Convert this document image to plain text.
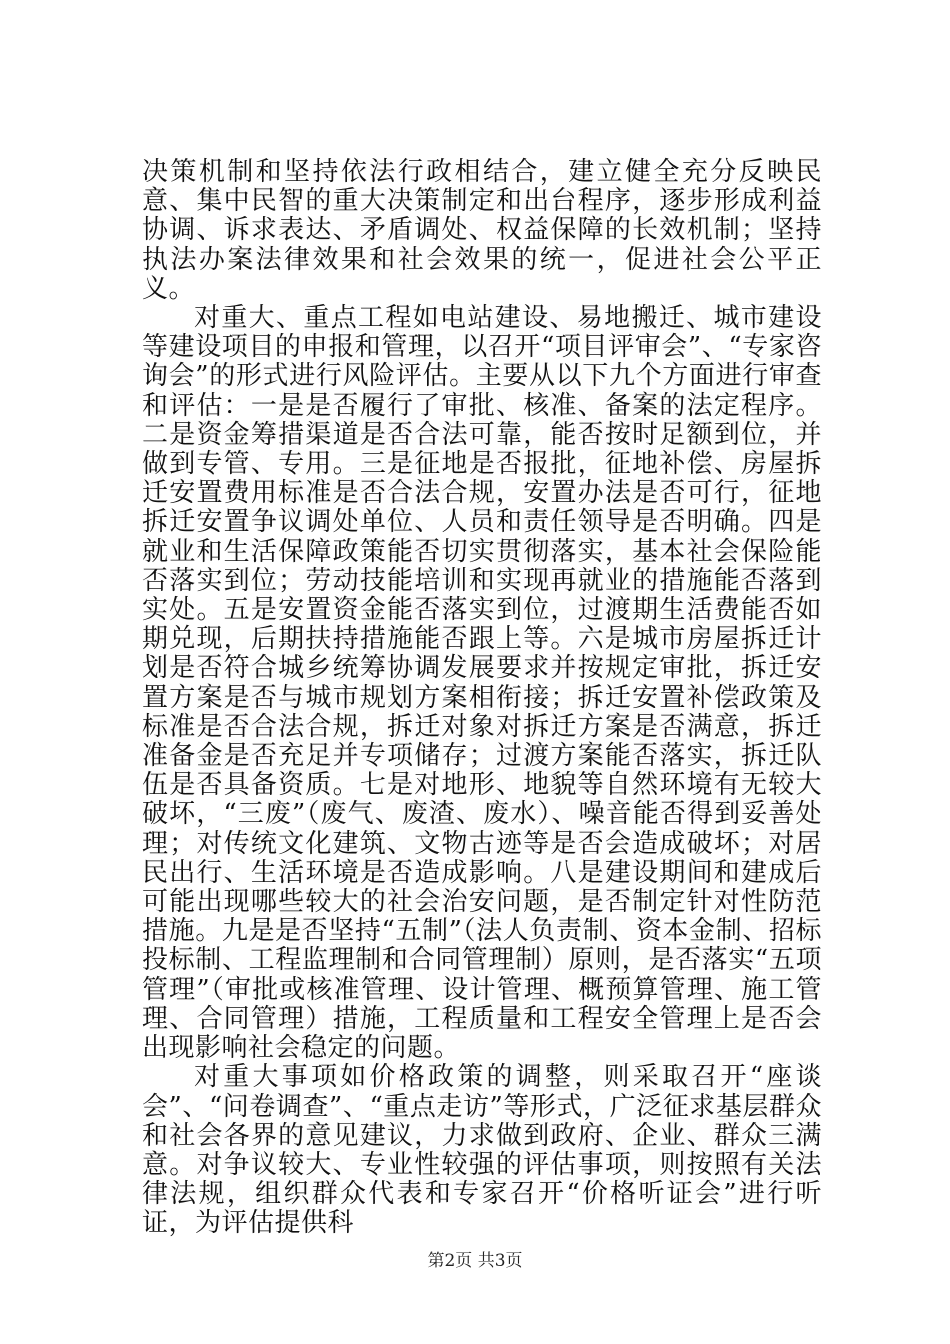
决策机制和坚持依法行政相结合，建立健全充分反映民意、集中民智的重大决策制定和出台程序，逐步形成利益协调、诉求表达、矛盾调处、权益保障的长效机制；坚持执法办案法律效果和社会效果的统一，促进社会公平正义。

对重大、重点工程如电站建设、易地搬迁、城市建设等建设项目的申报和管理，以召开“项目评审会”、“专家咨询会”的形式进行风险评估。主要从以下九个方面进行审查和评估：一是是否履行了审批、核准、备案的法定程序。二是资金筹措渠道是否合法可靠，能否按时足额到位，并做到专管、专用。三是征地是否报批，征地补偿、房屋拆迁安置费用标准是否合法合规，安置办法是否可行，征地拆迁安置争议调处单位、人员和责任领导是否明确。四是就业和生活保障政策能否切实贯彻落实，基本社会保险能否落实到位；劳动技能培训和实现再就业的措施能否落到实处。五是安置资金能否落实到位，过渡期生活费能否如期兑现，后期扶持措施能否跟上等。六是城市房屋拆迁计划是否符合城乡统筹协调发展要求并按规定审批，拆迁安置方案是否与城市规划方案相衔接；拆迁安置补偿政策及标准是否合法合规，拆迁对象对拆迁方案是否满意，拆迁准备金是否充足并专项储存；过渡方案能否落实，拆迁队伍是否具备资质。七是对地形、地貌等自然环境有无较大破坏，“三废”（废气、废渣、废水）、噪音能否得到妥善处理；对传统文化建筑、文物古迹等是否会造成破坏；对居民出行、生活环境是否造成影响。八是建设期间和建成后可能出现哪些较大的社会治安问题，是否制定针对性防范措施。九是是否坚持“五制”（法人负责制、资本金制、招标投标制、工程监理制和合同管理制）原则，是否落实“五项管理”（审批或核准管理、设计管理、概预算管理、施工管理、合同管理）措施，工程质量和工程安全管理上是否会出现影响社会稳定的问题。

对重大事项如价格政策的调整，则采取召开“座谈会”、“问卷调查”、“重点走访”等形式，广泛征求基层群众和社会各界的意见建议，力求做到政府、企业、群众三满意。对争议较大、专业性较强的评估事项，则按照有关法律法规，组织群众代表和专家召开“价格听证会”进行听证，为评估提供科

第2页 共3页
